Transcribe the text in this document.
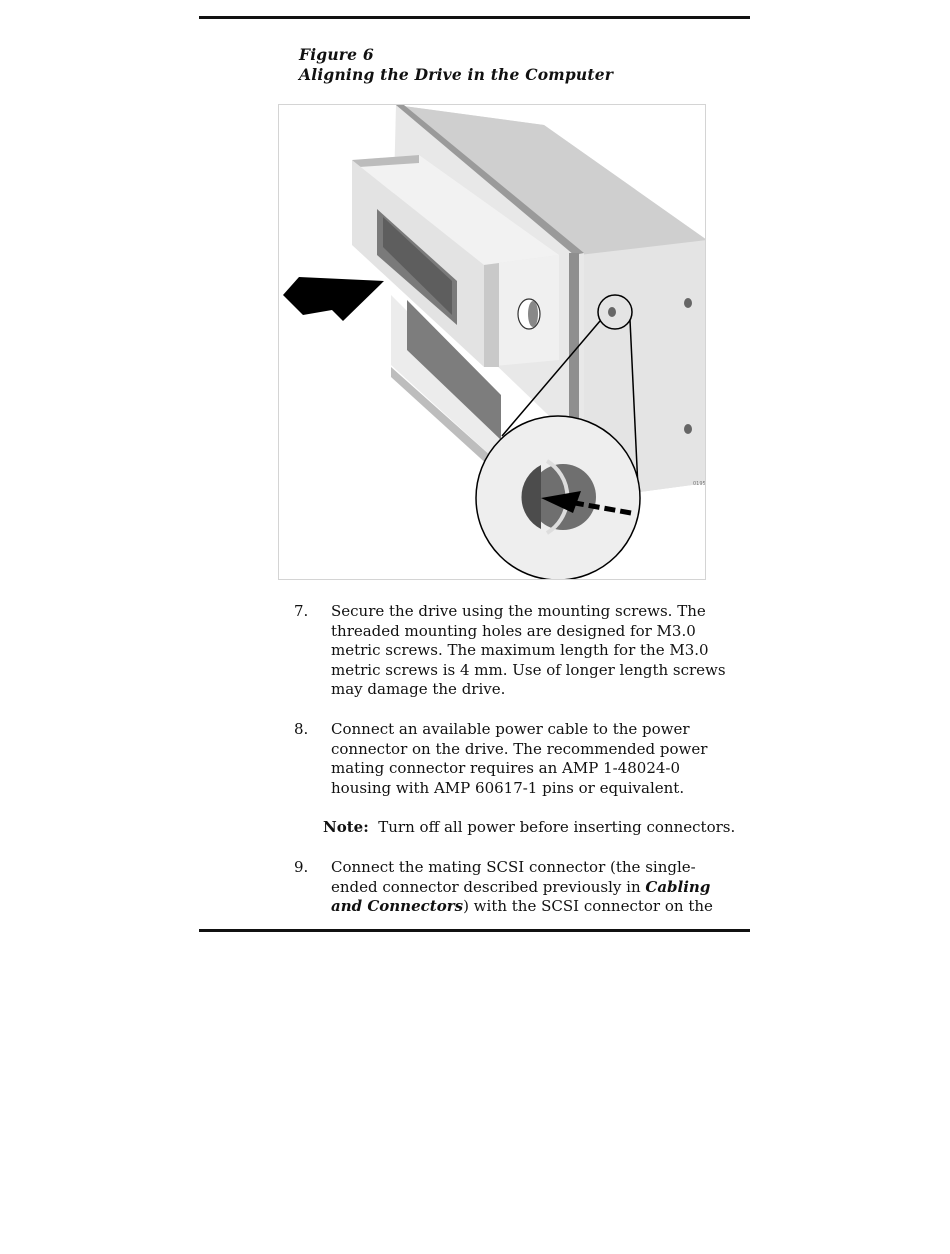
Figure 6
Aligning the Drive in the Computer
0195
7. Secure the drive using the mounting screws. The
threaded mounting holes are designed for M3.0
metric screws. The maximum length for the M3.0
metric screws is 4 mm. Use of longer length screws
may damage the drive.
8. Connect an available power cable to the power
connector on the drive. The recommended power
mating connector requires an AMP 1-48024-0
housing with AMP 60617-1 pins or equivalent.
Note:  Turn off all power before inserting connectors.
9. Connect the mating SCSI connector (the single-
ended connector described previously in Cabling
and Connectors) with the SCSI connector on the
